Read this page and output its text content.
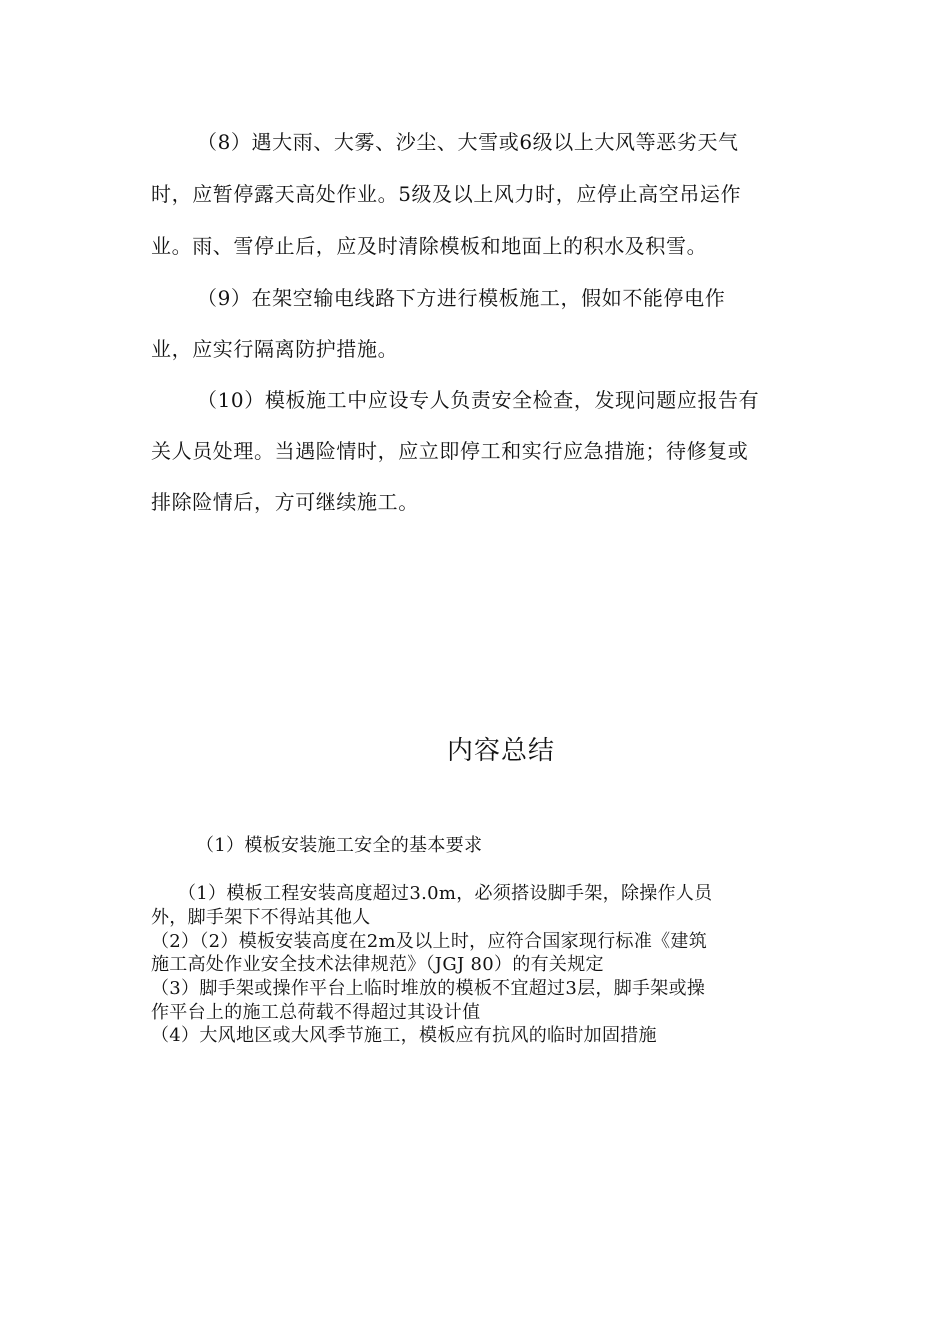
（8）遇大雨、大雾、沙尘、大雪或6级以上大风等恶劣天气

时，应暂停露天高处作业。5级及以上风力时，应停止高空吊运作

业。雨、雪停止后，应及时清除模板和地面上的积水及积雪。

（9）在架空输电线路下方进行模板施工，假如不能停电作

业，应实行隔离防护措施。

（10）模板施工中应设专人负责安全检查，发现问题应报告有

关人员处理。当遇险情时，应立即停工和实行应急措施；待修复或

排除险情后，方可继续施工。

内容总结

（1）模板安装施工安全的基本要求

（1）模板工程安装高度超过3.0m，必须搭设脚手架，除操作人员

外，脚手架下不得站其他人

（2）（2）模板安装高度在2m及以上时，应符合国家现行标准《建筑

施工高处作业安全技术法律规范》（JGJ 80）的有关规定

（3）脚手架或操作平台上临时堆放的模板不宜超过3层，脚手架或操

作平台上的施工总荷载不得超过其设计值

（4）大风地区或大风季节施工，模板应有抗风的临时加固措施
